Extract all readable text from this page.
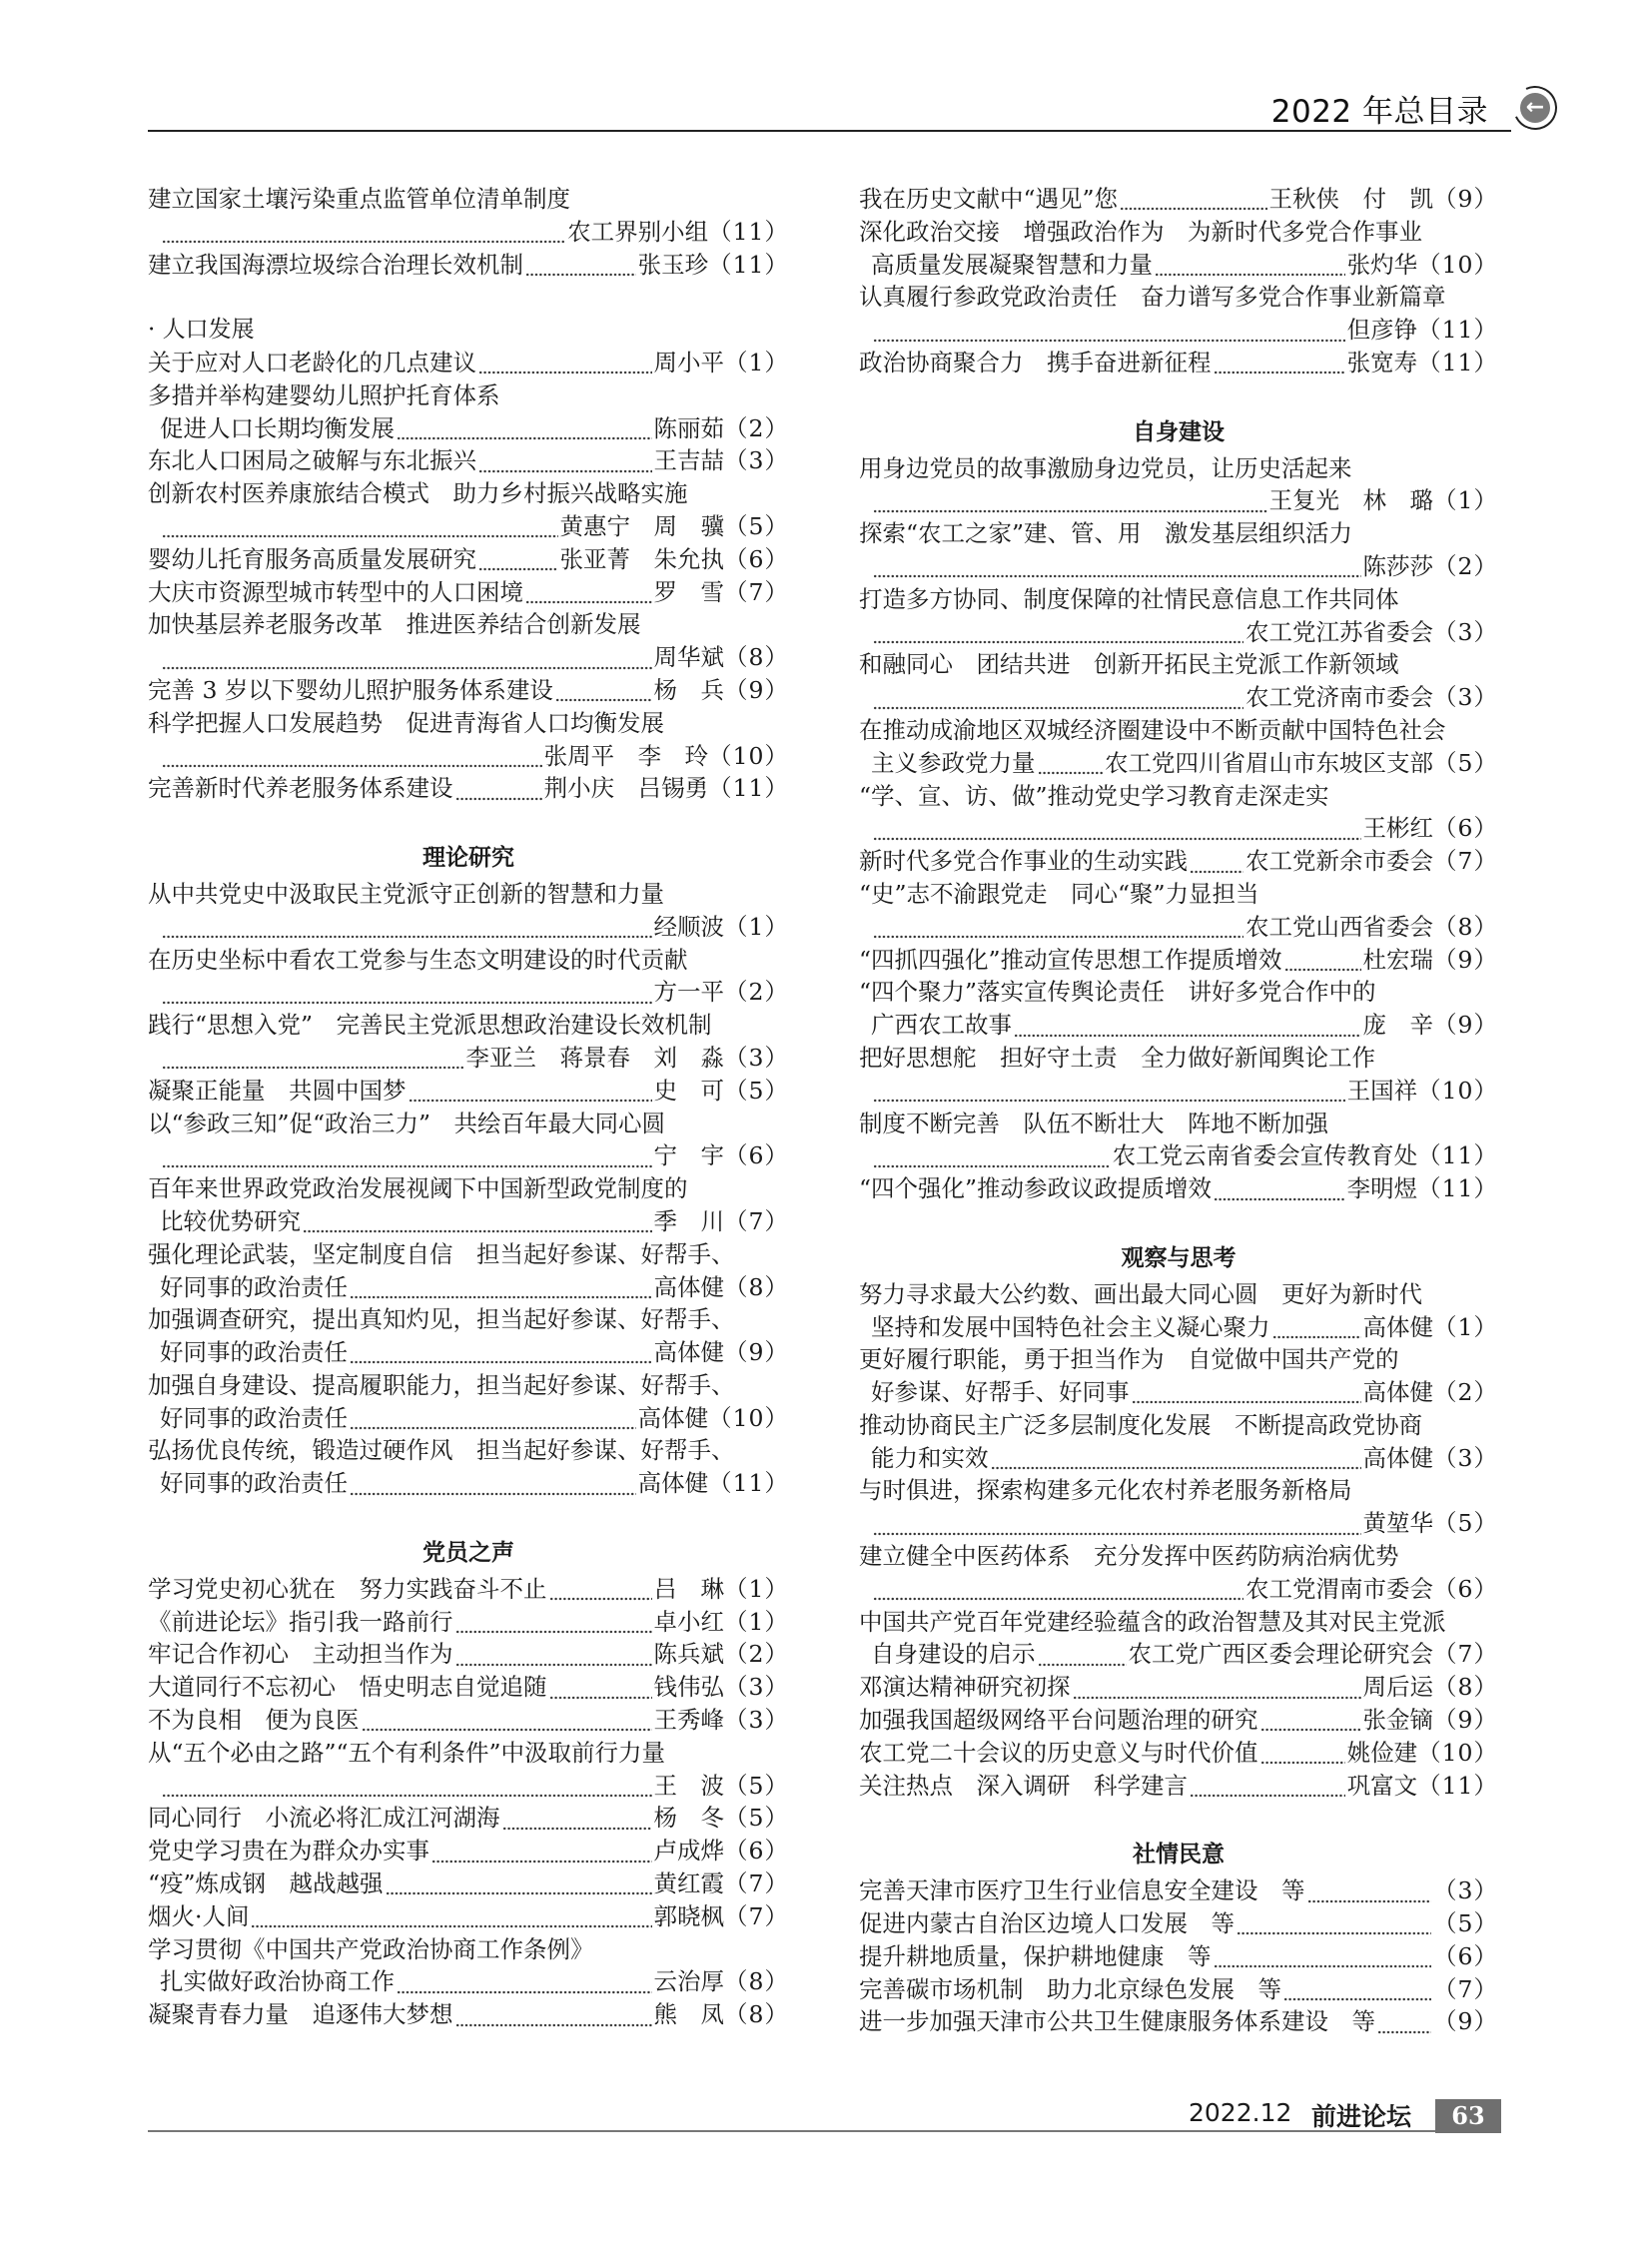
2022 年总目录 ←
建立国家土壤污染重点监管单位清单制度
农工界别小组 （11）
建立我国海漂垃圾综合治理长效机制	张玉珍 （11）
· 人口发展
关于应对人口老龄化的几点建议	周小平 （1）
多措并举构建婴幼儿照护托育体系
促进人口长期均衡发展	陈丽茹 （2）
东北人口困局之破解与东北振兴	王吉喆 （3）
创新农村医养康旅结合模式　助力乡村振兴战略实施
黄惠宁　周　骥 （5）
婴幼儿托育服务高质量发展研究	张亚菁　朱允执 （6）
大庆市资源型城市转型中的人口困境	罗　雪 （7）
加快基层养老服务改革　推进医养结合创新发展
周华斌 （8）
完善 3 岁以下婴幼儿照护服务体系建设	杨　兵 （9）
科学把握人口发展趋势　促进青海省人口均衡发展
张周平　李　玲 （10）
完善新时代养老服务体系建设	荆小庆　吕锡勇 （11）
理论研究
从中共党史中汲取民主党派守正创新的智慧和力量
经顺波 （1）
在历史坐标中看农工党参与生态文明建设的时代贡献
方一平 （2）
践行“思想入党”　完善民主党派思想政治建设长效机制
李亚兰　蒋景春　刘　淼 （3）
凝聚正能量　共圆中国梦	史　可 （5）
以“参政三知”促“政治三力”　共绘百年最大同心圆
宁　宇 （6）
百年来世界政党政治发展视阈下中国新型政党制度的
比较优势研究	季　川 （7）
强化理论武装，坚定制度自信　担当起好参谋、好帮手、
好同事的政治责任	高体健 （8）
加强调查研究，提出真知灼见，担当起好参谋、好帮手、
好同事的政治责任	高体健 （9）
加强自身建设、提高履职能力，担当起好参谋、好帮手、
好同事的政治责任	高体健 （10）
弘扬优良传统，锻造过硬作风　担当起好参谋、好帮手、
好同事的政治责任	高体健 （11）
党员之声
学习党史初心犹在　努力实践奋斗不止	吕　琳 （1）
《前进论坛》指引我一路前行	卓小红 （1）
牢记合作初心　主动担当作为	陈兵斌 （2）
大道同行不忘初心　悟史明志自觉追随	钱伟弘 （3）
不为良相　便为良医	王秀峰 （3）
从“五个必由之路”“五个有利条件”中汲取前行力量
王　波 （5）
同心同行　小流必将汇成江河湖海	杨　冬 （5）
党史学习贵在为群众办实事	卢成烨 （6）
“疫”炼成钢　越战越强	黄红霞 （7）
烟火·人间	郭晓枫 （7）
学习贯彻《中国共产党政治协商工作条例》
扎实做好政治协商工作	云治厚 （8）
凝聚青春力量　追逐伟大梦想	熊　凤 （8）
我在历史文献中“遇见”您	王秋侠　付　凯 （9）
深化政治交接　增强政治作为　为新时代多党合作事业
高质量发展凝聚智慧和力量	张灼华 （10）
认真履行参政党政治责任　奋力谱写多党合作事业新篇章
但彦铮 （11）
政治协商聚合力　携手奋进新征程	张宽寿 （11）
自身建设
用身边党员的故事激励身边党员，让历史活起来
王复光　林　璐 （1）
探索“农工之家”建、管、用　激发基层组织活力
陈莎莎 （2）
打造多方协同、制度保障的社情民意信息工作共同体
农工党江苏省委会 （3）
和融同心　团结共进　创新开拓民主党派工作新领域
农工党济南市委会 （3）
在推动成渝地区双城经济圈建设中不断贡献中国特色社会
主义参政党力量	农工党四川省眉山市东坡区支部 （5）
“学、宣、访、做”推动党史学习教育走深走实
王彬红 （6）
新时代多党合作事业的生动实践 农工党新余市委会 （7）
“史”志不渝跟党走　同心“聚”力显担当
农工党山西省委会 （8）
“四抓四强化”推动宣传思想工作提质增效	杜宏瑞 （9）
“四个聚力”落实宣传舆论责任　讲好多党合作中的
广西农工故事	庞　辛 （9）
把好思想舵　担好守土责　全力做好新闻舆论工作
王国祥 （10）
制度不断完善　队伍不断壮大　阵地不断加强
农工党云南省委会宣传教育处 （11）
“四个强化”推动参政议政提质增效	李明煜 （11）
观察与思考
努力寻求最大公约数、画出最大同心圆　更好为新时代
坚持和发展中国特色社会主义凝心聚力	高体健 （1）
更好履行职能，勇于担当作为　自觉做中国共产党的
好参谋、好帮手、好同事	高体健 （2）
推动协商民主广泛多层制度化发展　不断提高政党协商
能力和实效	高体健 （3）
与时俱进，探索构建多元化农村养老服务新格局
黄堃华 （5）
建立健全中医药体系　充分发挥中医药防病治病优势
农工党渭南市委会 （6）
中国共产党百年党建经验蕴含的政治智慧及其对民主党派
自身建设的启示	农工党广西区委会理论研究会 （7）
邓演达精神研究初探	周后运 （8）
加强我国超级网络平台问题治理的研究	张金镝 （9）
农工党二十会议的历史意义与时代价值	姚俭建 （10）
关注热点　深入调研　科学建言	巩富文 （11）
社情民意
完善天津市医疗卫生行业信息安全建设　等	（3）
促进内蒙古自治区边境人口发展　等	（5）
提升耕地质量，保护耕地健康　等	（6）
完善碳市场机制　助力北京绿色发展　等	（7）
进一步加强天津市公共卫生健康服务体系建设　等 （9）
2022.12 前进论坛	63
